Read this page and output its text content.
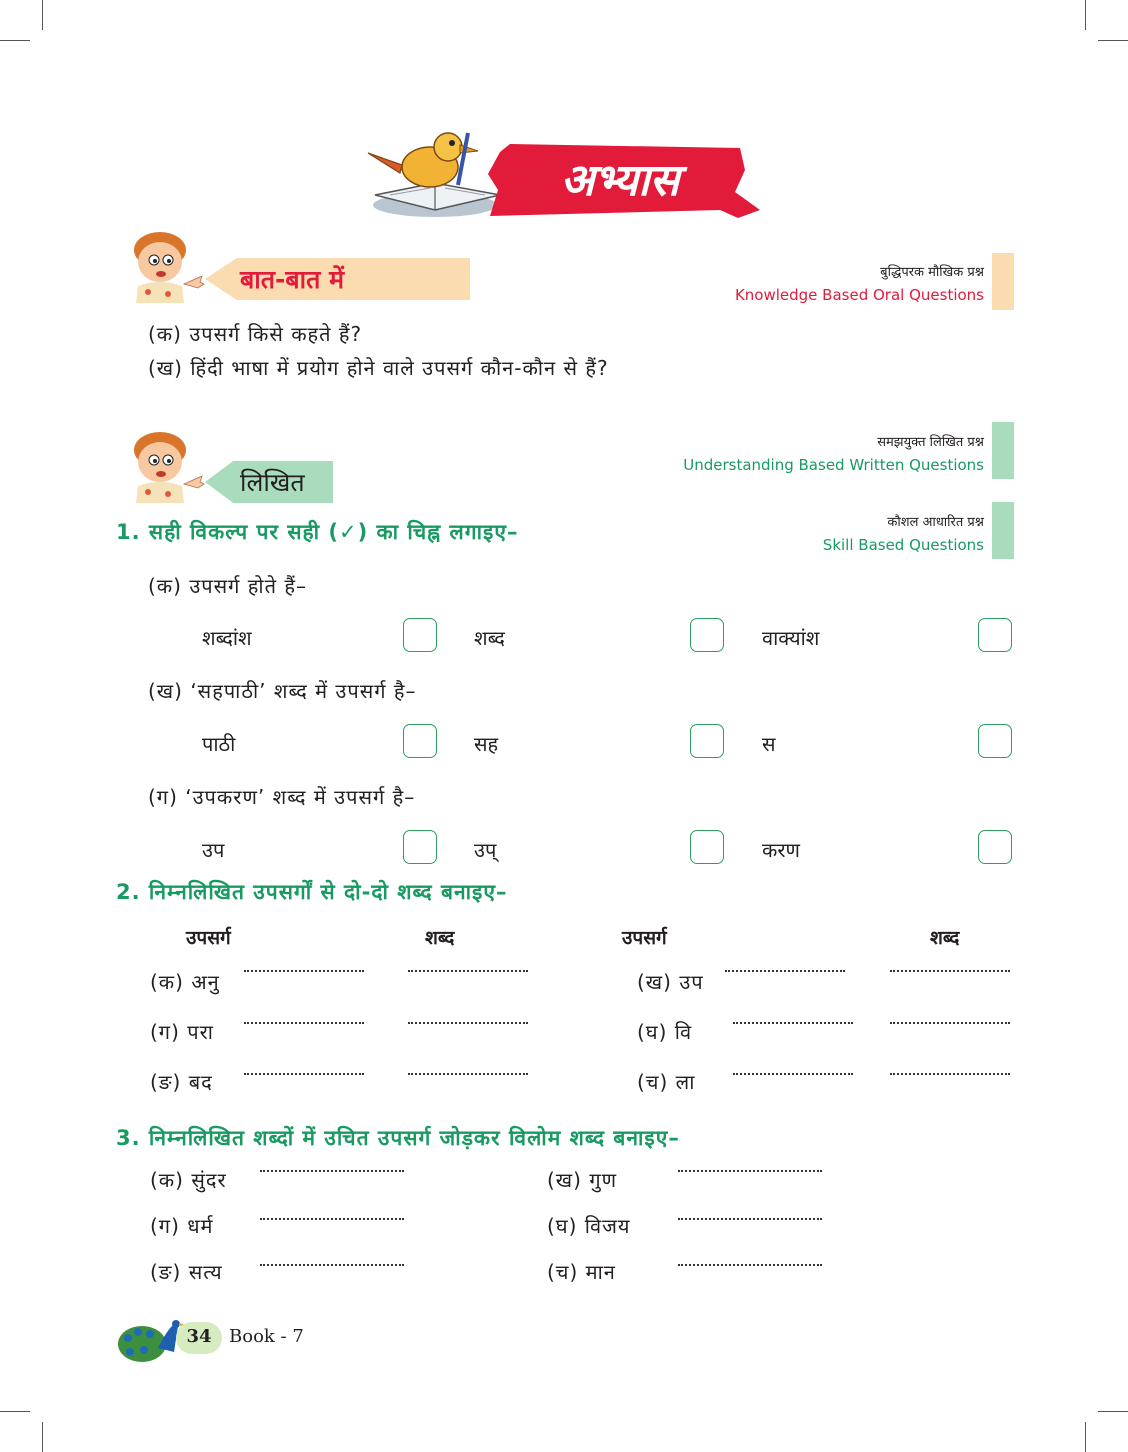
अभ्यास
बात-बात में	बुद्धिपरक मौखिक प्रश्न
Knowledge Based Oral Questions
(क) उपसर्ग किसे कहते हैं?
(ख) हिंदी भाषा में प्रयोग होने वाले उपसर्ग कौन-कौन से हैं?
लिखित
समझयुक्त लिखित प्रश्न
Understanding Based Written Questions
कौशल आधारित प्रश्न
Skill Based Questions
1. सही विकल्प पर सही (✓) का चिह्न लगाइए–
(क) उपसर्ग होते हैं–
शब्दांश	शब्द	वाक्यांश
(ख) ‘सहपाठी’ शब्द में उपसर्ग है–
पाठी	सह	स
(ग) ‘उपकरण’ शब्द में उपसर्ग है–
उप	उप्	करण
2. निम्नलिखित उपसर्गों से दो-दो शब्द बनाइए–
उपसर्ग	शब्द	उपसर्ग	शब्द
(क) अनु	(ख) उप
(ग) परा	(घ) वि
(ङ) बद	(च) ला
3. निम्नलिखित शब्दों में उचित उपसर्ग जोड़कर विलोम शब्द बनाइए–
(क) सुंदर	(ख) गुण
(ग) धर्म	(घ) विजय
(ङ) सत्य	(च) मान
34 Book - 7
